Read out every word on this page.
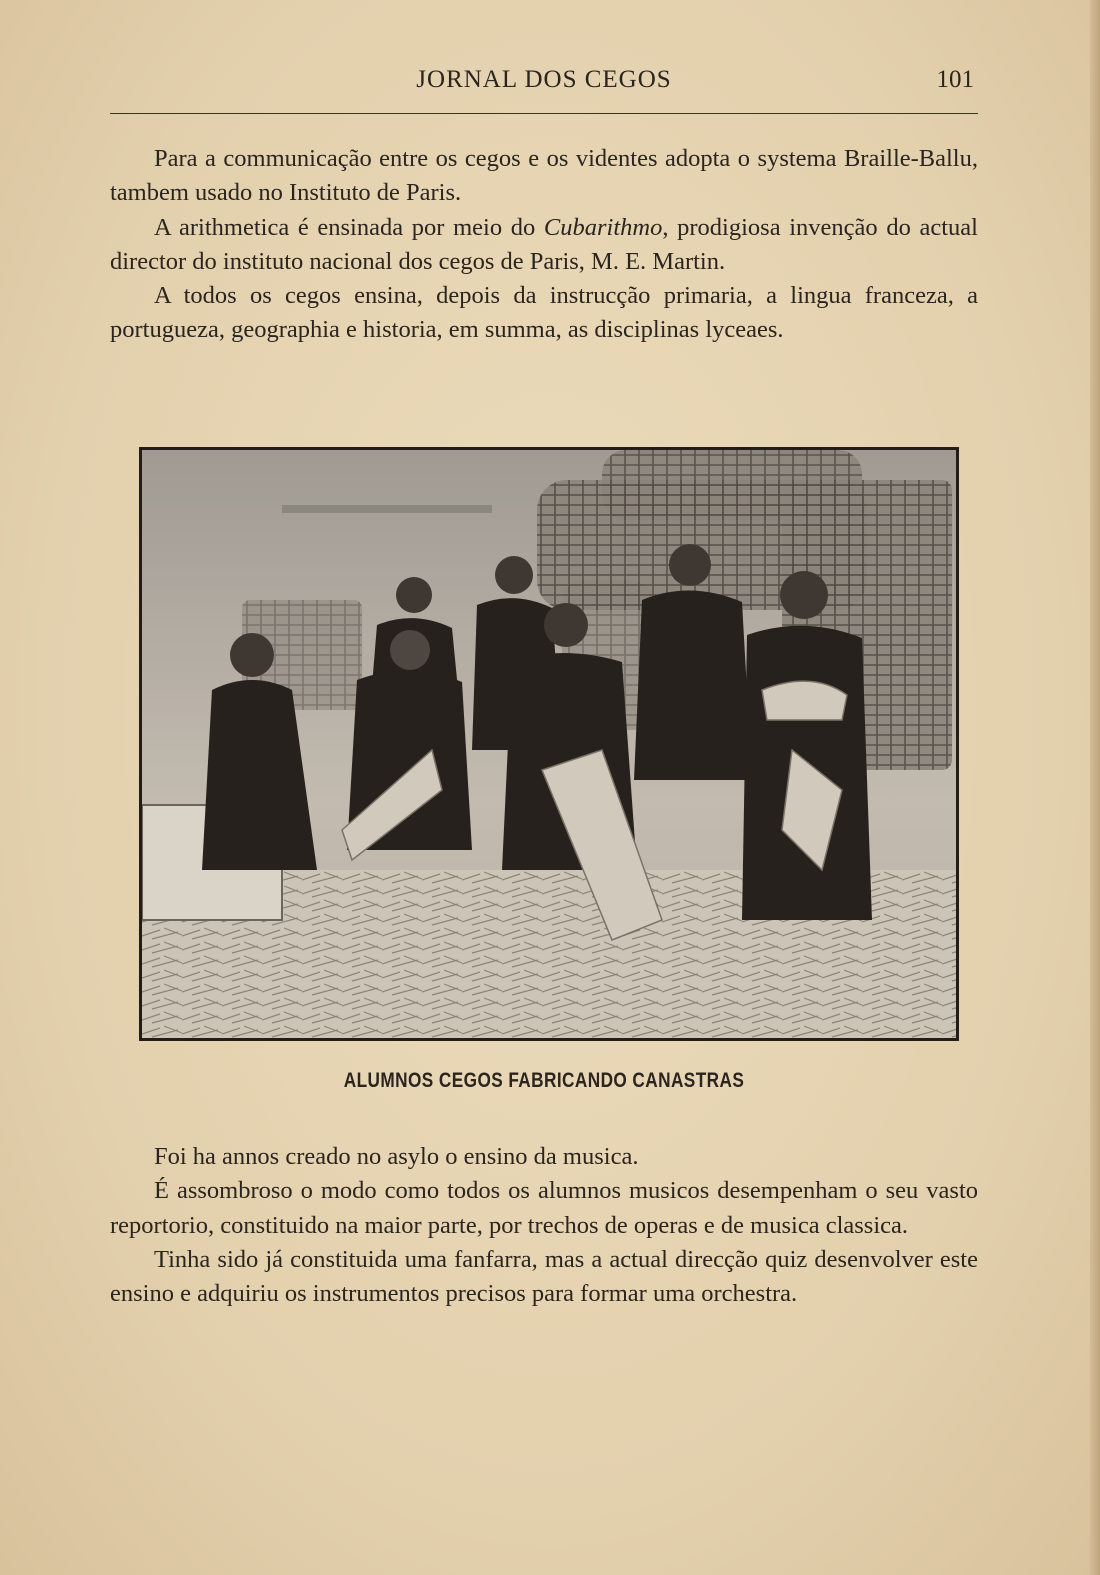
JORNAL DOS CEGOS	101

Para a communicação entre os cegos e os videntes adopta o systema Braille-Ballu, tambem usado no Instituto de Paris.

A arithmetica é ensinada por meio do Cubarithmo, prodigiosa invenção do actual director do instituto nacional dos cegos de Paris, M. E. Martin.

A todos os cegos ensina, depois da instrucção primaria, a lingua franceza, a portugueza, geographia e historia, em summa, as disciplinas lyceaes.

ALUMNOS CEGOS FABRICANDO CANASTRAS

Foi ha annos creado no asylo o ensino da musica.

É assombroso o modo como todos os alumnos musicos desempenham o seu vasto reportorio, constituido na maior parte, por trechos de operas e de musica classica.

Tinha sido já constituida uma fanfarra, mas a actual direcção quiz desenvolver este ensino e adquiriu os instrumentos precisos para formar uma orchestra.
